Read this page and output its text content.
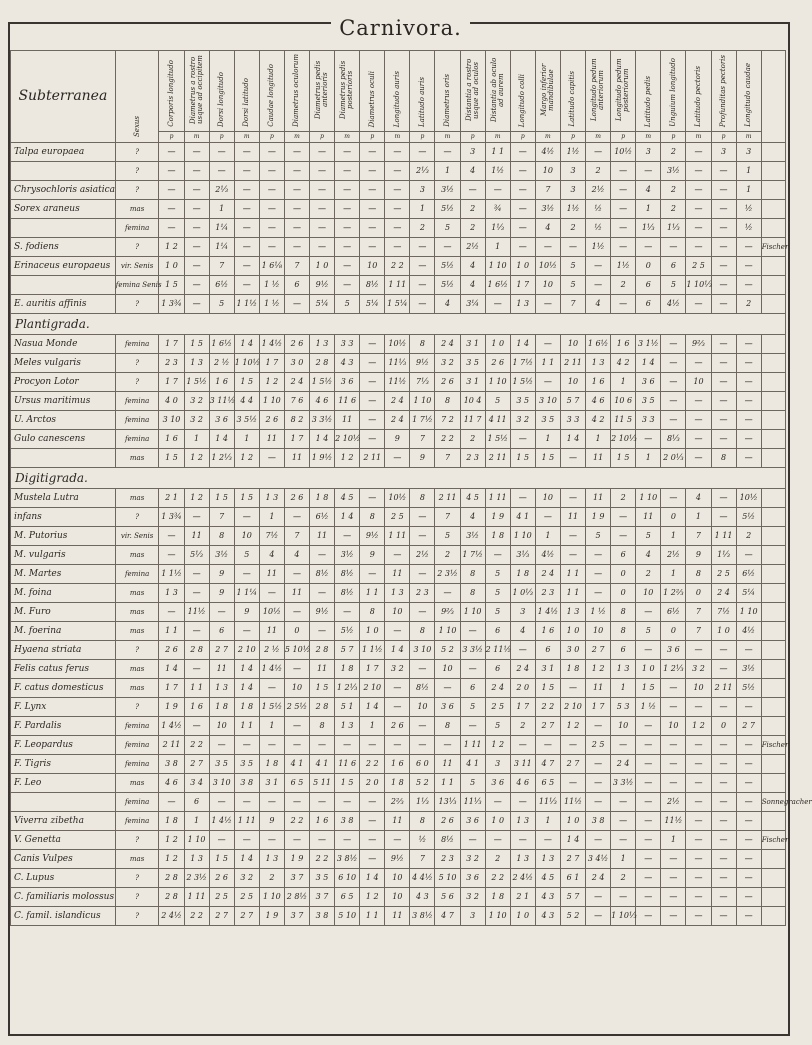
Carnivora.
Subterranea	Sexus	Corporis longitudo	Diametrus a rostro usque ad occipitem	Dorsi longitudo	Dorsi latitudo	Caudae longitudo	Diametrus oculorum	Diametrus pedis anterioris	Diametrus pedis posterioris	Diametrus oculi	Longitudo auris	Latitudo auris	Diametrus oris	Distantia a rostro usque ad oculos	Distantia ab oculo ad aurem	Longitudo colli	Margo inferior mandibulae	Latitudo capitis	Longitudo pedum anteriorum	Longitudo pedum posteriorum	Latitudo pedis	Unguium longitudo	Latitudo pectoris	Profunditas pectoris	Longitudo caudae	
		p	m	p	m	p	m	p	m	p	m	p	m	p	m	p	m	p	m	p	m	p	m	p	m	
Talpa europaea	?	—	—	—	—	—	—	—	—	—	—	—	—	3	1 1	—	4½	1½	—	10½	3	2	—	3	3	
	?	—	—	—	—	—	—	—	—	—	—	2⅓	1	4	1½	—	10	3	2	—	—	3½	—	—	1	
Chrysochloris asiatica	?	—	—	2⅓	—	—	—	—	—	—	—	3	3½	—	—	—	7	3	2½	—	4	2	—	—	1	
Sorex araneus	mas	—	—	1	—	—	—	—	—	—	—	1	5½	2	¾	—	3½	1½	½	—	1	2	—	—	½	
	femina	—	—	1¼	—	—	—	—	—	—	—	2	5	2	1⅓	—	4	2	½	—	1⅓	1⅓	—	—	½	
S. fodiens	?	1 2	—	1¼	—	—	—	—	—	—	—	—	—	2½	1	—	—	—	1½	—	—	—	—	—	—	Fischer
Erinaceus europaeus	vir. Senis	1 0	—	7	—	1 6⅛	7	1 0	—	10	2 2	—	5½	4	1 10	1 0	10½	5	—	1½	0	6	2 5	—	—	
	femina Senis	1 5	—	6½	—	1 ½	6	9½	—	8½	1 11	—	5½	4	1 6½	1 7	10	5	—	2	6	5	1 10⅓	—	—	
E. auritis affinis	?	1 3¾	—	5	1 1½	1 ½	—	5¼	5	5¼	1 5¼	—	4	3¼	—	1 3	—	7	4	—	6	4½	—	—	2	
Plantigrada.																										
Nasua Monde	femina	1 7	1 5	1 6½	1 4	1 4½	2 6	1 3	3 3	—	10½	8	2 4	3 1	1 0	1 4	—	10	1 6½	1 6	3 1½	—	9⅔	—	—	
Meles vulgaris	?	2 3	1 3	2 ½	1 10½	1 7	3 0	2 8	4 3	—	11⅓	9½	3 2	3 5	2 6	1 7½	1 1	2 11	1 3	4 2	1 4	—	—	—	—	
Procyon Lotor	?	1 7	1 5½	1 6	1 5	1 2	2 4	1 5½	3 6	—	11½	7⅓	2 6	3 1	1 10	1 5½	—	10	1 6	1	3 6	—	10	—	—	
Ursus maritimus	femina	4 0	3 2	3 11½	4 4	1 10	7 6	4 6	11 6	—	2 4	1 10	8	10 4	5	3 5	3 10	5 7	4 6	10 6	3 5	—	—	—	—	
U. Arctos	femina	3 10	3 2	3 6	3 5½	2 6	8 2	3 3½	11	—	2 4	1 7½	7 2	11 7	4 11	3 2	3 5	3 3	4 2	11 5	3 3	—	—	—	—	
Gulo canescens	femina	1 6	1	1 4	1	11	1 7	1 4	2 10½	—	9	7	2 2	2	1 5½	—	1	1 4	1	2 10⅓	—	8⅓	—	—	—	
	mas	1 5	1 2	1 2⅓	1 2	—	11	1 9½	1 2	2 11	—	9	7	2 3	2 11	1 5	1 5	—	11	1 5	1	2 0⅓	—	8	—	
Digitigrada.																										
Mustela Lutra	mas	2 1	1 2	1 5	1 5	1 3	2 6	1 8	4 5	—	10½	8	2 11	4 5	1 11	—	10	—	11	2	1 10	—	4	—	10½	
infans	?	1 3¾	—	7	—	1	—	6½	1 4	8	2 5	—	7	4	1 9	4 1	—	11	1 9	—	11	0	1	—	5½	
M. Putorius	vir. Senis	—	11	8	10	7½	7	11	—	9½	1 11	—	5	3½	1 8	1 10	1	—	5	—	5	1	7	1 11	2	
M. vulgaris	mas	—	5⅓	3½	5	4	4	—	3½	9	—	2½	2	1 7½	—	3⅓	4½	—	—	6	4	2½	9	1⅓	—	
M. Martes	femina	1 1½	—	9	—	11	—	8½	8½	—	11	—	2 3½	8	5	1 8	2 4	1 1	—	0	2	1	8	2 5	6½	
M. foina	mas	1 3	—	9	1 1¼	—	11	—	8½	1 1	1 3	2 3	—	8	5	1 0⅓	2 3	1 1	—	0	10	1 2⅔	0	2 4	5¼	
M. Furo	mas	—	11½	—	9	10½	—	9½	—	8	10	—	9⅔	1 10	5	3	1 4½	1 3	1 ½	8	—	6½	7	7½	1 10	
M. foerina	mas	1 1	—	6	—	11	0	—	5½	1 0	—	8	1 10	—	6	4	1 6	1 0	10	8	5	0	7	1 0	4½	
Hyaena striata	?	2 6	2 8	2 7	2 10	2 ½	5 10½	2 8	5 7	1 1½	1 4	3 10	5 2	3 3½	2 11½	—	6	3 0	2 7	6	—	3 6	—	—	—	
Felis catus ferus	mas	1 4	—	11	1 4	1 4½	—	11	1 8	1 7	3 2	—	10	—	6	2 4	3 1	1 8	1 2	1 3	1 0	1 2⅓	3 2	—	3½	
F. catus domesticus	mas	1 7	1 1	1 3	1 4	—	10	1 5	1 2⅓	2 10	—	8½	—	6	2 4	2 0	1 5	—	11	1	1 5	—	10	2 11	5½	
F. Lynx	?	1 9	1 6	1 8	1 8	1 5½	2 5½	2 8	5 1	1 4	—	10	3 6	5	2 5	1 7	2 2	2 10	1 7	5 3	1 ½	—	—	—	—	
F. Pardalis	femina	1 4½	—	10	1 1	1	—	8	1 3	1	2 6	—	8	—	5	2	2 7	1 2	—	10	—	10	1 2	0	2 7	
F. Leopardus	femina	2 11	2 2	—	—	—	—	—	—	—	—	—	—	1 11	1 2	—	—	—	2 5	—	—	—	—	—	—	Fischer
F. Tigris	femina	3 8	2 7	3 5	3 5	1 8	4 1	4 1	11 6	2 2	1 6	6 0	11	4 1	3	3 11	4 7	2 7	—	2 4	—	—	—	—	—	
F. Leo	mas	4 6	3 4	3 10	3 8	3 1	6 5	5 11	1 5	2 0	1 8	5 2	1 1	5	3 6	4 6	6 5	—	—	3 3½	—	—	—	—	—	
	femina	—	6	—	—	—	—	—	—	—	2⅔	1⅓	13⅓	11⅓	—	—	11⅓	11½	—	—	—	2½	—	—	—	Sonnegracher
Viverra zibetha	femina	1 8	1	1 4½	1 11	9	2 2	1 6	3 8	—	11	8	2 6	3 6	1 0	1 3	1	1 0	3 8	—	—	11½	—	—	—	
V. Genetta	?	1 2	1 10	—	—	—	—	—	—	—	—	½	8½	—	—	—	—	1 4	—	—	—	1	—	—	—	Fischer
Canis Vulpes	mas	1 2	1 3	1 5	1 4	1 3	1 9	2 2	3 8½	—	9½	7	2 3	3 2	2	1 3	1 3	2 7	3 4½	1	—	—	—	—	—	
C. Lupus	?	2 8	2 3½	2 6	3 2	2	3 7	3 5	6 10	1 4	10	4 4½	5 10	3 6	2 2	2 4½	4 5	6 1	2 4	2	—	—	—	—	—	
C. familiaris molossus	?	2 8	1 11	2 5	2 5	1 10	2 8½	3 7	6 5	1 2	10	4 3	5 6	3 2	1 8	2 1	4 3	5 7	—	—	—	—	—	—	—	
C. famil. islandicus	?	2 4½	2 2	2 7	2 7	1 9	3 7	3 8	5 10	1 1	11	3 8½	4 7	3	1 10	1 0	4 3	5 2	—	1 10⅓	—	—	—	—	—	
